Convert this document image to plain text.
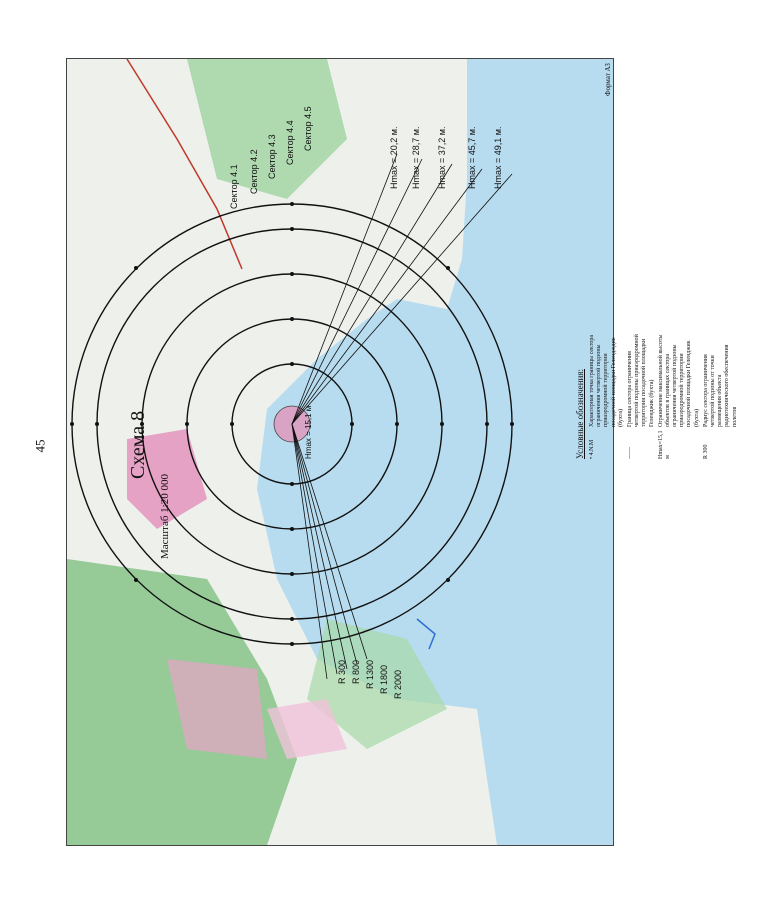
45
Сектор 4.1 Сектор 4.2 Сектор 4.3 Сектор 4.4 Сектор 4.5	Hmax = 20,2 м. Hmax = 28,7 м. Hmax = 37,2 м. Hmax = 45,7 м. Hmax = 49,1 м.
Hmax = 15,1 м
R 300 R 800 R 1300 R 1800 R 2000
Схема 8
Масштаб 1:20 000
Условные обозначения: • 4.N.M
Характерная точка границы сектора ограничения четвертой подзоны приаэродромной территории посадочной площадки Гелендждик (бухта)
——
Граница сектора ограничения четвертой подзоны приаэродромной территории посадочной площадки Геленджик (бухта)
Hmax=15,1 м
Ограничение максимальной высоты объектов в границах сектора ограничения четвертой подзоны приаэродромной территории посадочной площадки Геленджик (бухта)
R 300
Радиус сектора ограничения четвертой подзоны от точки размещения объекта радиотехнического обеспечения полетов
Формат АЗ
